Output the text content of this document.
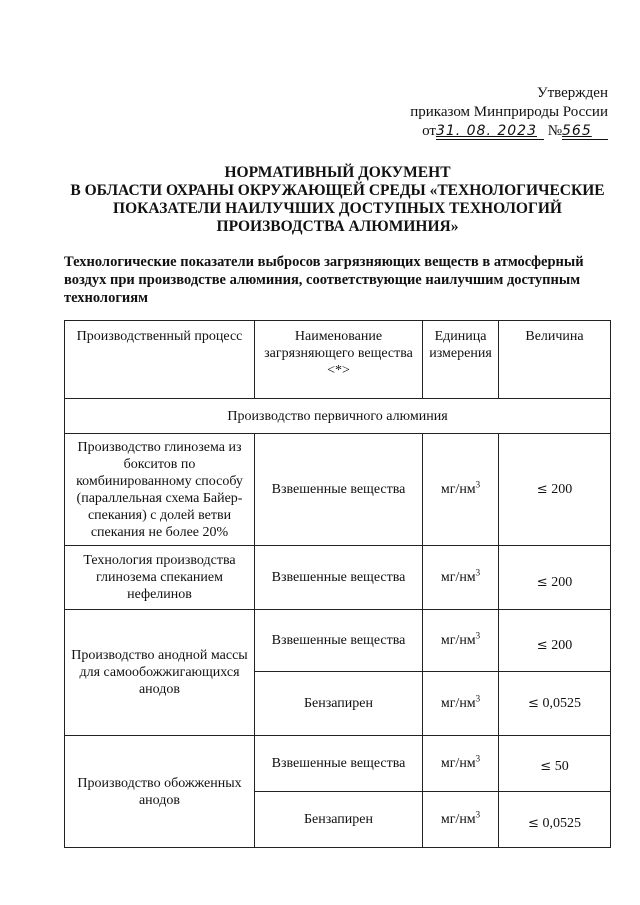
Утвержден
приказом Минприроды России
от31. 08. 2023 №565
НОРМАТИВНЫЙ ДОКУМЕНТ
В ОБЛАСТИ ОХРАНЫ ОКРУЖАЮЩЕЙ СРЕДЫ «ТЕХНОЛОГИЧЕСКИЕ
ПОКАЗАТЕЛИ НАИЛУЧШИХ ДОСТУПНЫХ ТЕХНОЛОГИЙ
ПРОИЗВОДСТВА АЛЮМИНИЯ»
Технологические показатели выбросов загрязняющих веществ в атмосферный воздух при производстве алюминия, соответствующие наилучшим доступным технологиям
Производственный процесс	Наименование загрязняющего вещества <*>	Единица измерения	Величина
Производство первичного алюминия			
Производство глинозема из бокситов по комбинированному способу (параллельная схема Байер-спекания) с долей ветви спекания не более 20%	Взвешенные вещества	$мг/нм^3$	≤ 200
Технология производства глинозема спеканием нефелинов	Взвешенные вещества	$мг/нм^3$	≤ 200
Производство анодной массы для самообожжигающихся анодов	Взвешенные вещества	$мг/нм^3$	≤ 200
	Бензапирен	$мг/нм^3$	≤ 0,0525
Производство обожженных анодов	Взвешенные вещества	$мг/нм^3$	≤ 50
	Бензапирен	$мг/нм^3$	≤ 0,0525
